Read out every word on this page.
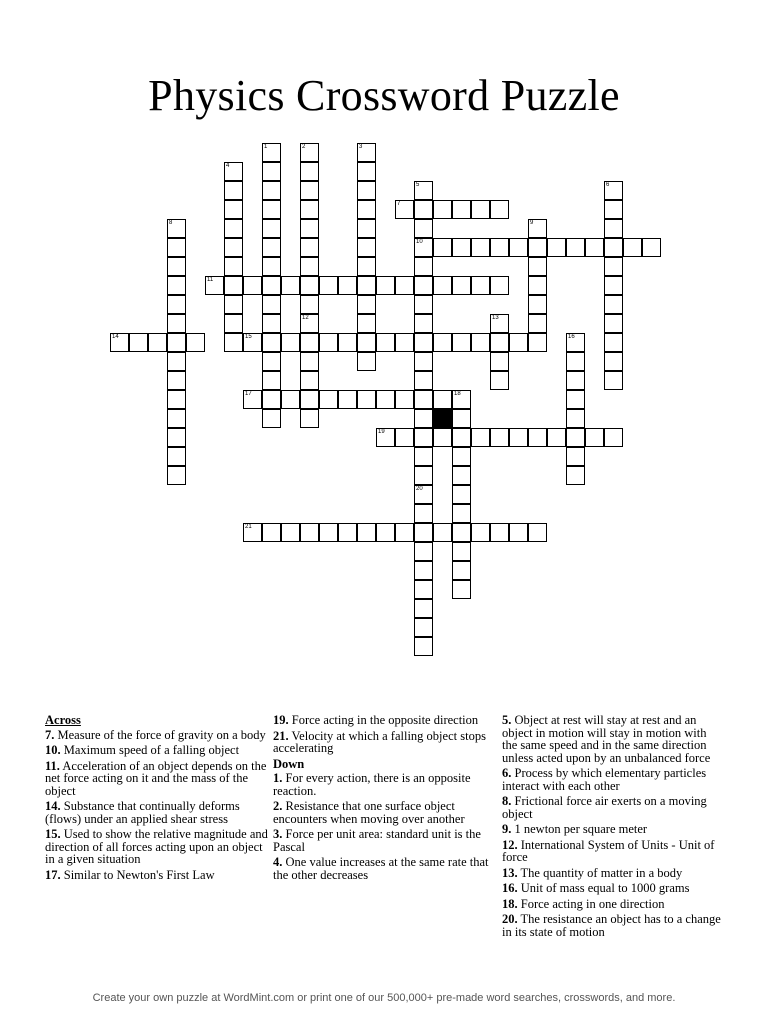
Physics Crossword Puzzle
7
10
11
14	15
17	18
19
21
1	2
12
3
4
5
20
6
8	9
13
16
Across
7. Measure of the force of gravity on a body
10. Maximum speed of a falling object
11. Acceleration of an object depends on the net force acting on it and the mass of the object
14. Substance that continually deforms (flows) under an applied shear stress
15. Used to show the relative magnitude and direction of all forces acting upon an object in a given situation
17. Similar to Newton's First Law
19. Force acting in the opposite direction
21. Velocity at which a falling object stops accelerating
Down
1. For every action, there is an opposite reaction.
2. Resistance that one surface object encounters when moving over another
3. Force per unit area: standard unit is the Pascal
4. One value increases at the same rate that the other decreases
5. Object at rest will stay at rest and an object in motion will stay in motion with the same speed and in the same direction unless acted upon by an unbalanced force
6. Process by which elementary particles interact with each other
8. Frictional force air exerts on a moving object
9. 1 newton per square meter
12. International System of Units - Unit of force
13. The quantity of matter in a body
16. Unit of mass equal to 1000 grams
18. Force acting in one direction
20. The resistance an object has to a change in its state of motion
Create your own puzzle at WordMint.com or print one of our 500,000+ pre-made word searches, crosswords, and more.
